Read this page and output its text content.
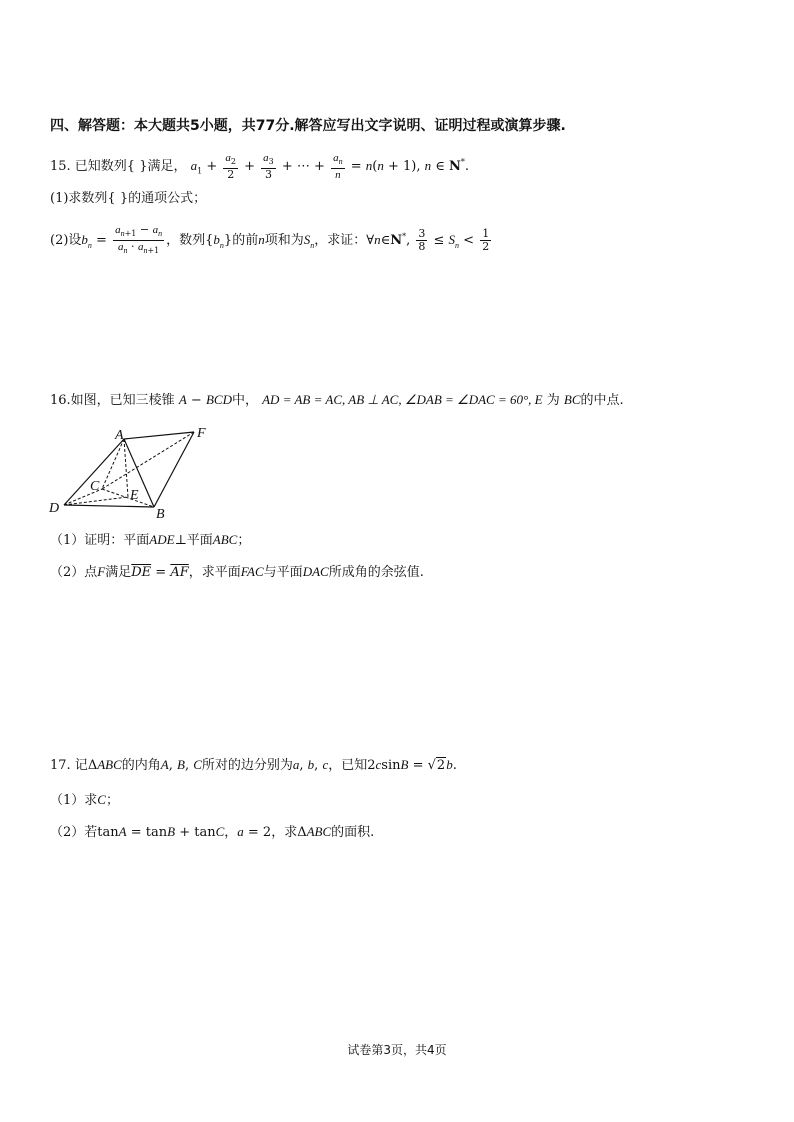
四、解答题：本大题共5小题，共77分.解答应写出文字说明、证明过程或演算步骤.
15. 已知数列{ }满足， $a_1 + \frac{a_2}{2} + \frac{a_3}{3}$ + ⋯ + $\frac{a_n}{n} = n(n + 1)$, n ∈ N*.
(1)求数列{ }的通项公式；
(2)设$b_n = \frac{a_{n+1} - a_n}{a_n \cdot a_{n+1}}$ ，数列$\{b_n\}$的前n项和为$S_n$，求证：∀n∈N*, $\frac{3}{8} \le S_n < \frac{1}{2}$
16.如图，已知三棱锥 A − BCD中， AD = AB = AC, AB ⊥ AC, ∠DAB = ∠DAC = 60°, E 为 BC的中点.
A	F
C
E
D	B
（1）证明：平面ADE⊥平面ABC；
（2）点F满足$\overline{DE} = \overline{AF}$，求平面FAC与平面DAC所成角的余弦值.
17. 记ΔABC的内角A, B, C所对的边分别为a, b, c，已知2csinB = √2b.
（1）求C；
（2）若tanA = tanB + tanC，a = 2，求ΔABC的面积.
试卷第3页，共4页
